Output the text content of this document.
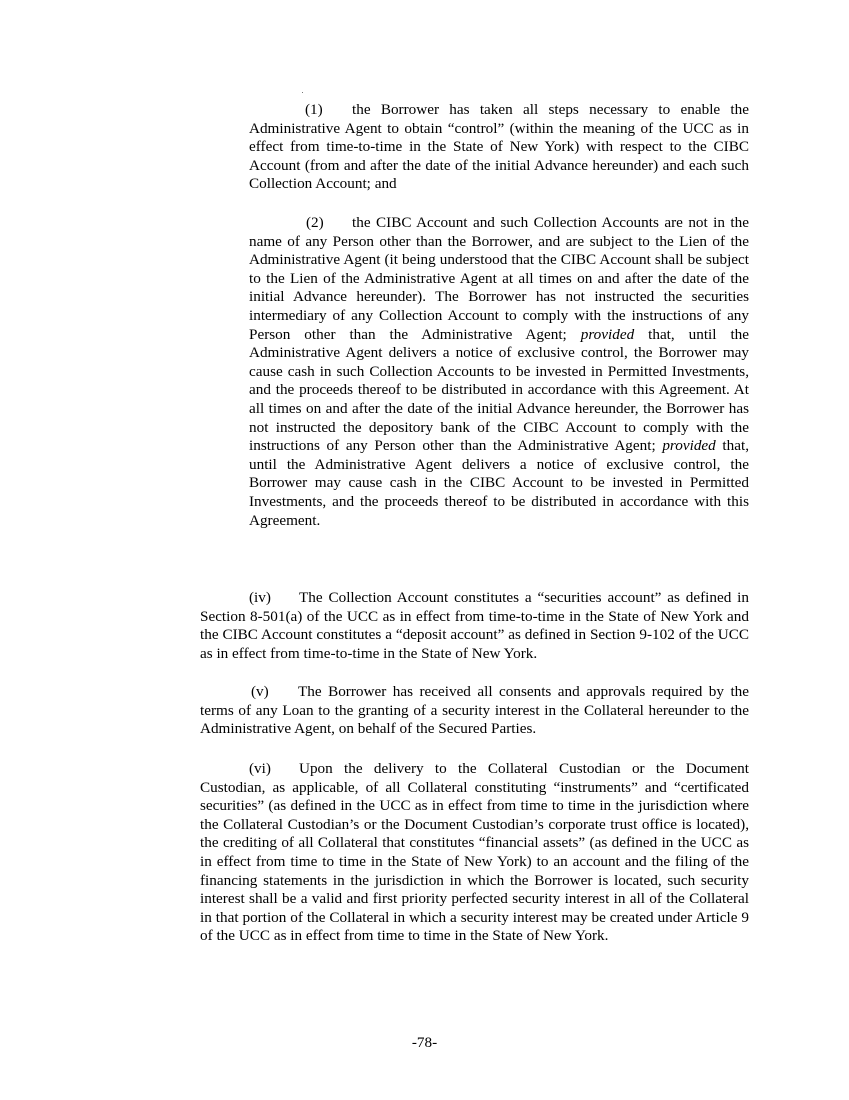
(1) the Borrower has taken all steps necessary to enable the Administrative Agent to obtain “control” (within the meaning of the UCC as in effect from time-to-time in the State of New York) with respect to the CIBC Account (from and after the date of the initial Advance hereunder) and each such Collection Account; and

(2) the CIBC Account and such Collection Accounts are not in the name of any Person other than the Borrower, and are subject to the Lien of the Administrative Agent (it being understood that the CIBC Account shall be subject to the Lien of the Administrative Agent at all times on and after the date of the initial Advance hereunder). The Borrower has not instructed the securities intermediary of any Collection Account to comply with the instructions of any Person other than the Administrative Agent; provided that, until the Administrative Agent delivers a notice of exclusive control, the Borrower may cause cash in such Collection Accounts to be invested in Permitted Investments, and the proceeds thereof to be distributed in accordance with this Agreement. At all times on and after the date of the initial Advance hereunder, the Borrower has not instructed the depository bank of the CIBC Account to comply with the instructions of any Person other than the Administrative Agent; provided that, until the Administrative Agent delivers a notice of exclusive control, the Borrower may cause cash in the CIBC Account to be invested in Permitted Investments, and the proceeds thereof to be distributed in accordance with this Agreement.

(iv) The Collection Account constitutes a “securities account” as defined in Section 8-501(a) of the UCC as in effect from time-to-time in the State of New York and the CIBC Account constitutes a “deposit account” as defined in Section 9-102 of the UCC as in effect from time-to-time in the State of New York.

(v) The Borrower has received all consents and approvals required by the terms of any Loan to the granting of a security interest in the Collateral hereunder to the Administrative Agent, on behalf of the Secured Parties.

(vi) Upon the delivery to the Collateral Custodian or the Document Custodian, as applicable, of all Collateral constituting “instruments” and “certificated securities” (as defined in the UCC as in effect from time to time in the jurisdiction where the Collateral Custodian’s or the Document Custodian’s corporate trust office is located), the crediting of all Collateral that constitutes “financial assets” (as defined in the UCC as in effect from time to time in the State of New York) to an account and the filing of the financing statements in the jurisdiction in which the Borrower is located, such security interest shall be a valid and first priority perfected security interest in all of the Collateral in that portion of the Collateral in which a security interest may be created under Article 9 of the UCC as in effect from time to time in the State of New York.

-78-
